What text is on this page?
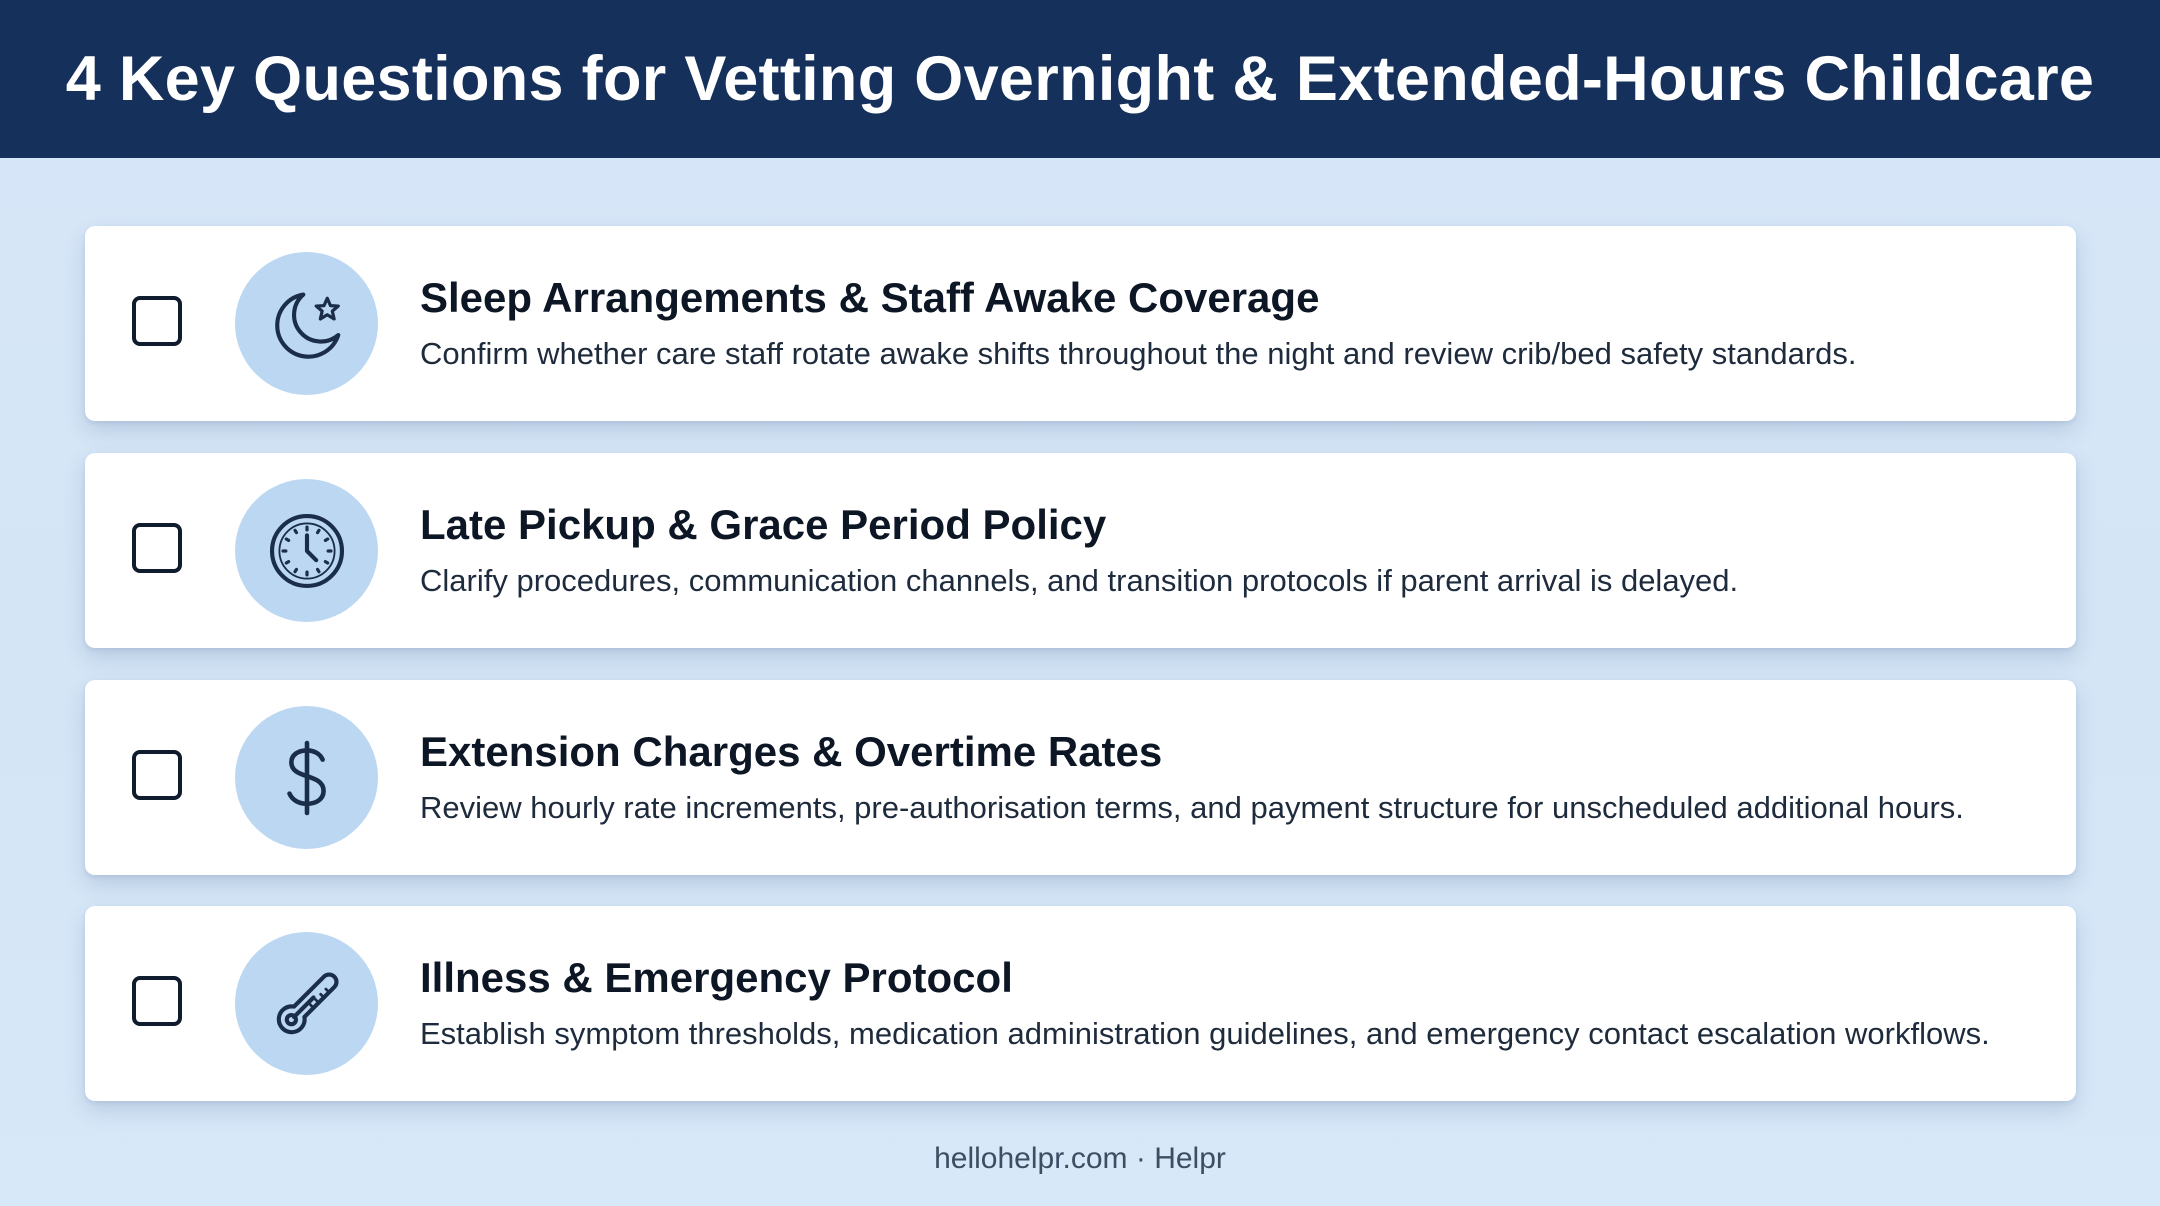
4 Key Questions for Vetting Overnight & Extended-Hours Childcare
Sleep Arrangements & Staff Awake Coverage
Confirm whether care staff rotate awake shifts throughout the night and review crib/bed safety standards.
Late Pickup & Grace Period Policy
Clarify procedures, communication channels, and transition protocols if parent arrival is delayed.
Extension Charges & Overtime Rates
Review hourly rate increments, pre-authorisation terms, and payment structure for unscheduled additional hours.
Illness & Emergency Protocol
Establish symptom thresholds, medication administration guidelines, and emergency contact escalation workflows.
hellohelpr.com · Helpr
